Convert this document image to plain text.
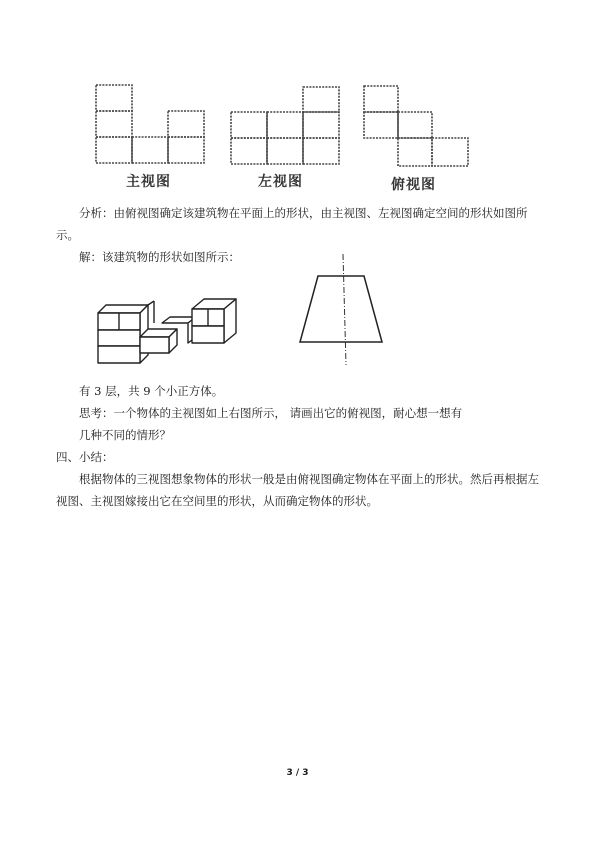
主视图	左视图	俯视图

分析：由俯视图确定该建筑物在平面上的形状，由主视图、左视图确定空间的形状如图所示。

解：该建筑物的形状如图所示：

有 3 层，共 9 个小正方体。

思考：一个物体的主视图如上右图所示， 请画出它的俯视图，耐心想一想有

几种不同的情形？

四、小结：

根据物体的三视图想象物体的形状一般是由俯视图确定物体在平面上的形状。然后再根据左视图、主视图嫁接出它在空间里的形状，从而确定物体的形状。

3 / 3
